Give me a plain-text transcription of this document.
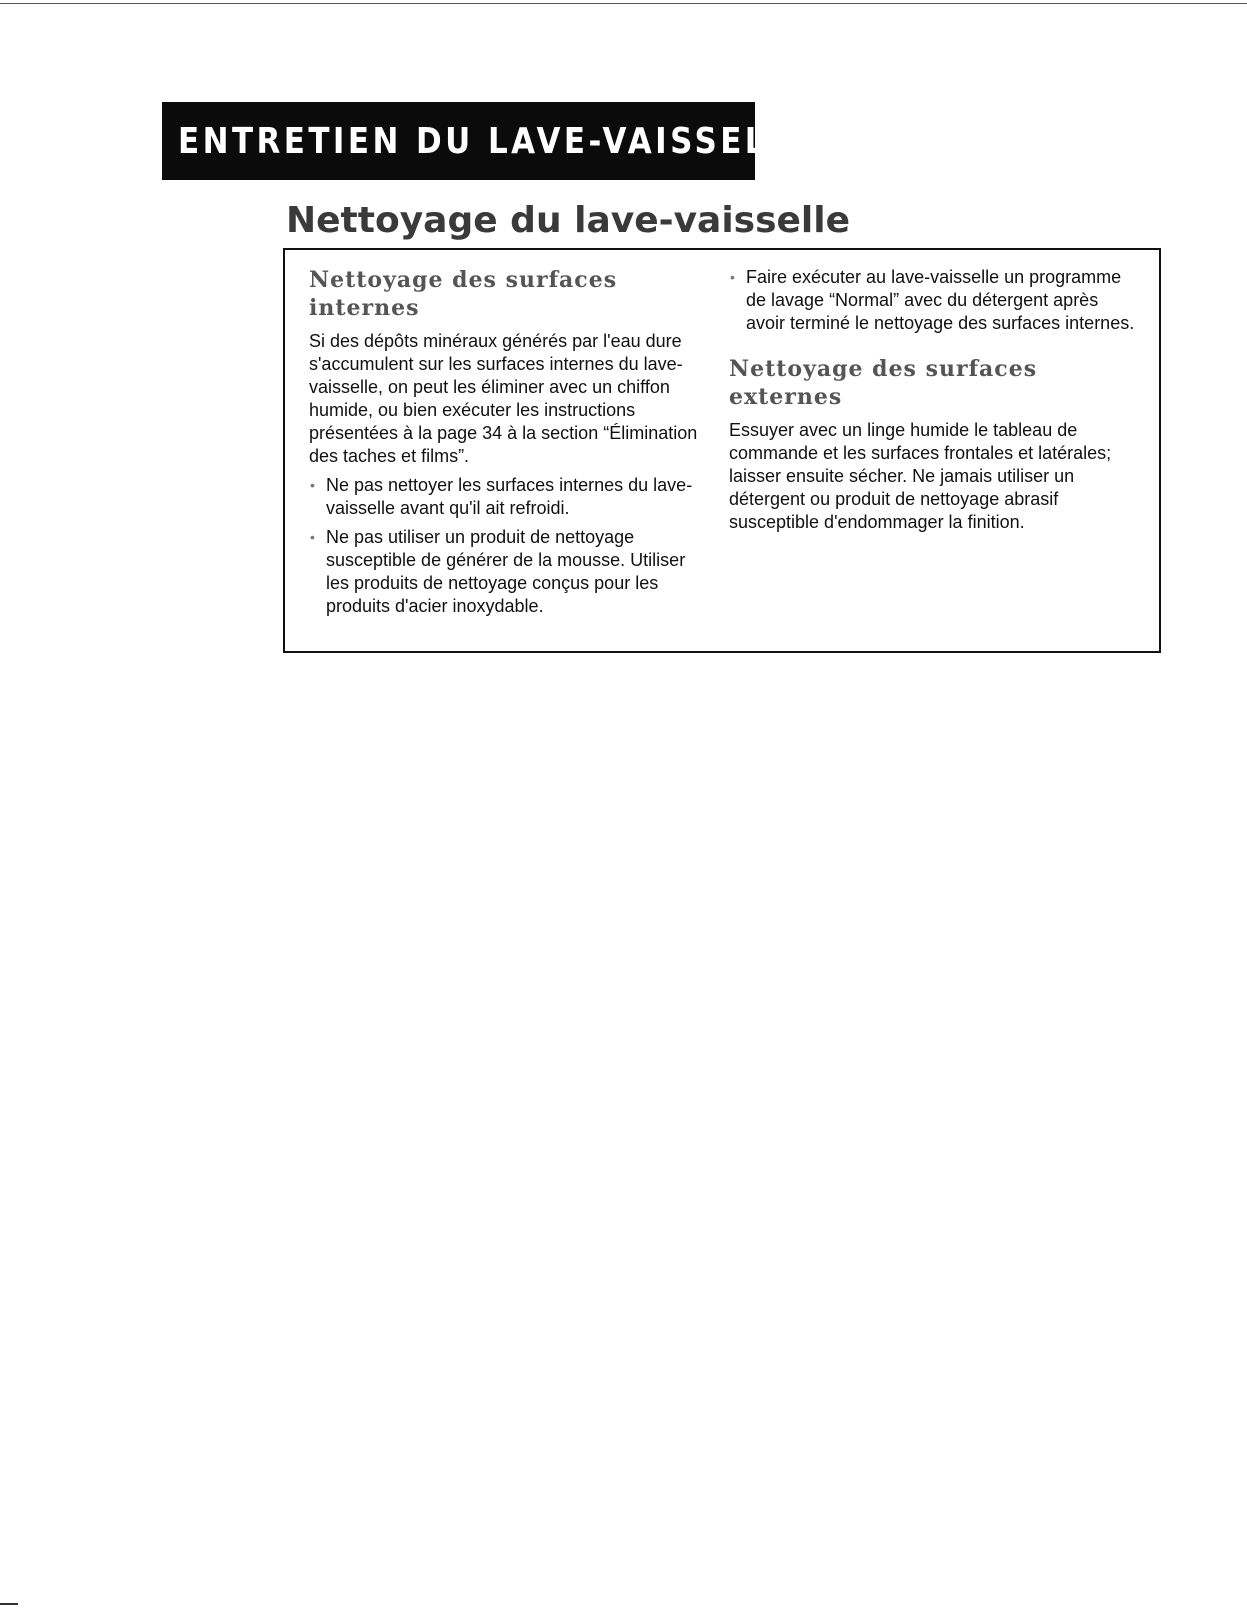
ENTRETIEN DU LAVE-VAISSELLE
Nettoyage du lave-vaisselle
Nettoyage des surfaces
internes

Si des dépôts minéraux générés par l'eau dure s'accumulent sur les surfaces internes du lave-vaisselle, on peut les éliminer avec un chiffon humide, ou bien exécuter les instructions présentées à la page 34 à la section “Élimination des taches et films”.

• Ne pas nettoyer les surfaces internes du lave-vaisselle avant qu'il ait refroidi.
• Ne pas utiliser un produit de nettoyage susceptible de générer de la mousse. Utiliser les produits de nettoyage conçus pour les produits d'acier inoxydable.
• Faire exécuter au lave-vaisselle un programme de lavage “Normal” avec du détergent après avoir terminé le nettoyage des surfaces internes.
Nettoyage des surfaces
externes

Essuyer avec un linge humide le tableau de commande et les surfaces frontales et latérales; laisser ensuite sécher. Ne jamais utiliser un détergent ou produit de nettoyage abrasif susceptible d'endommager la finition.
